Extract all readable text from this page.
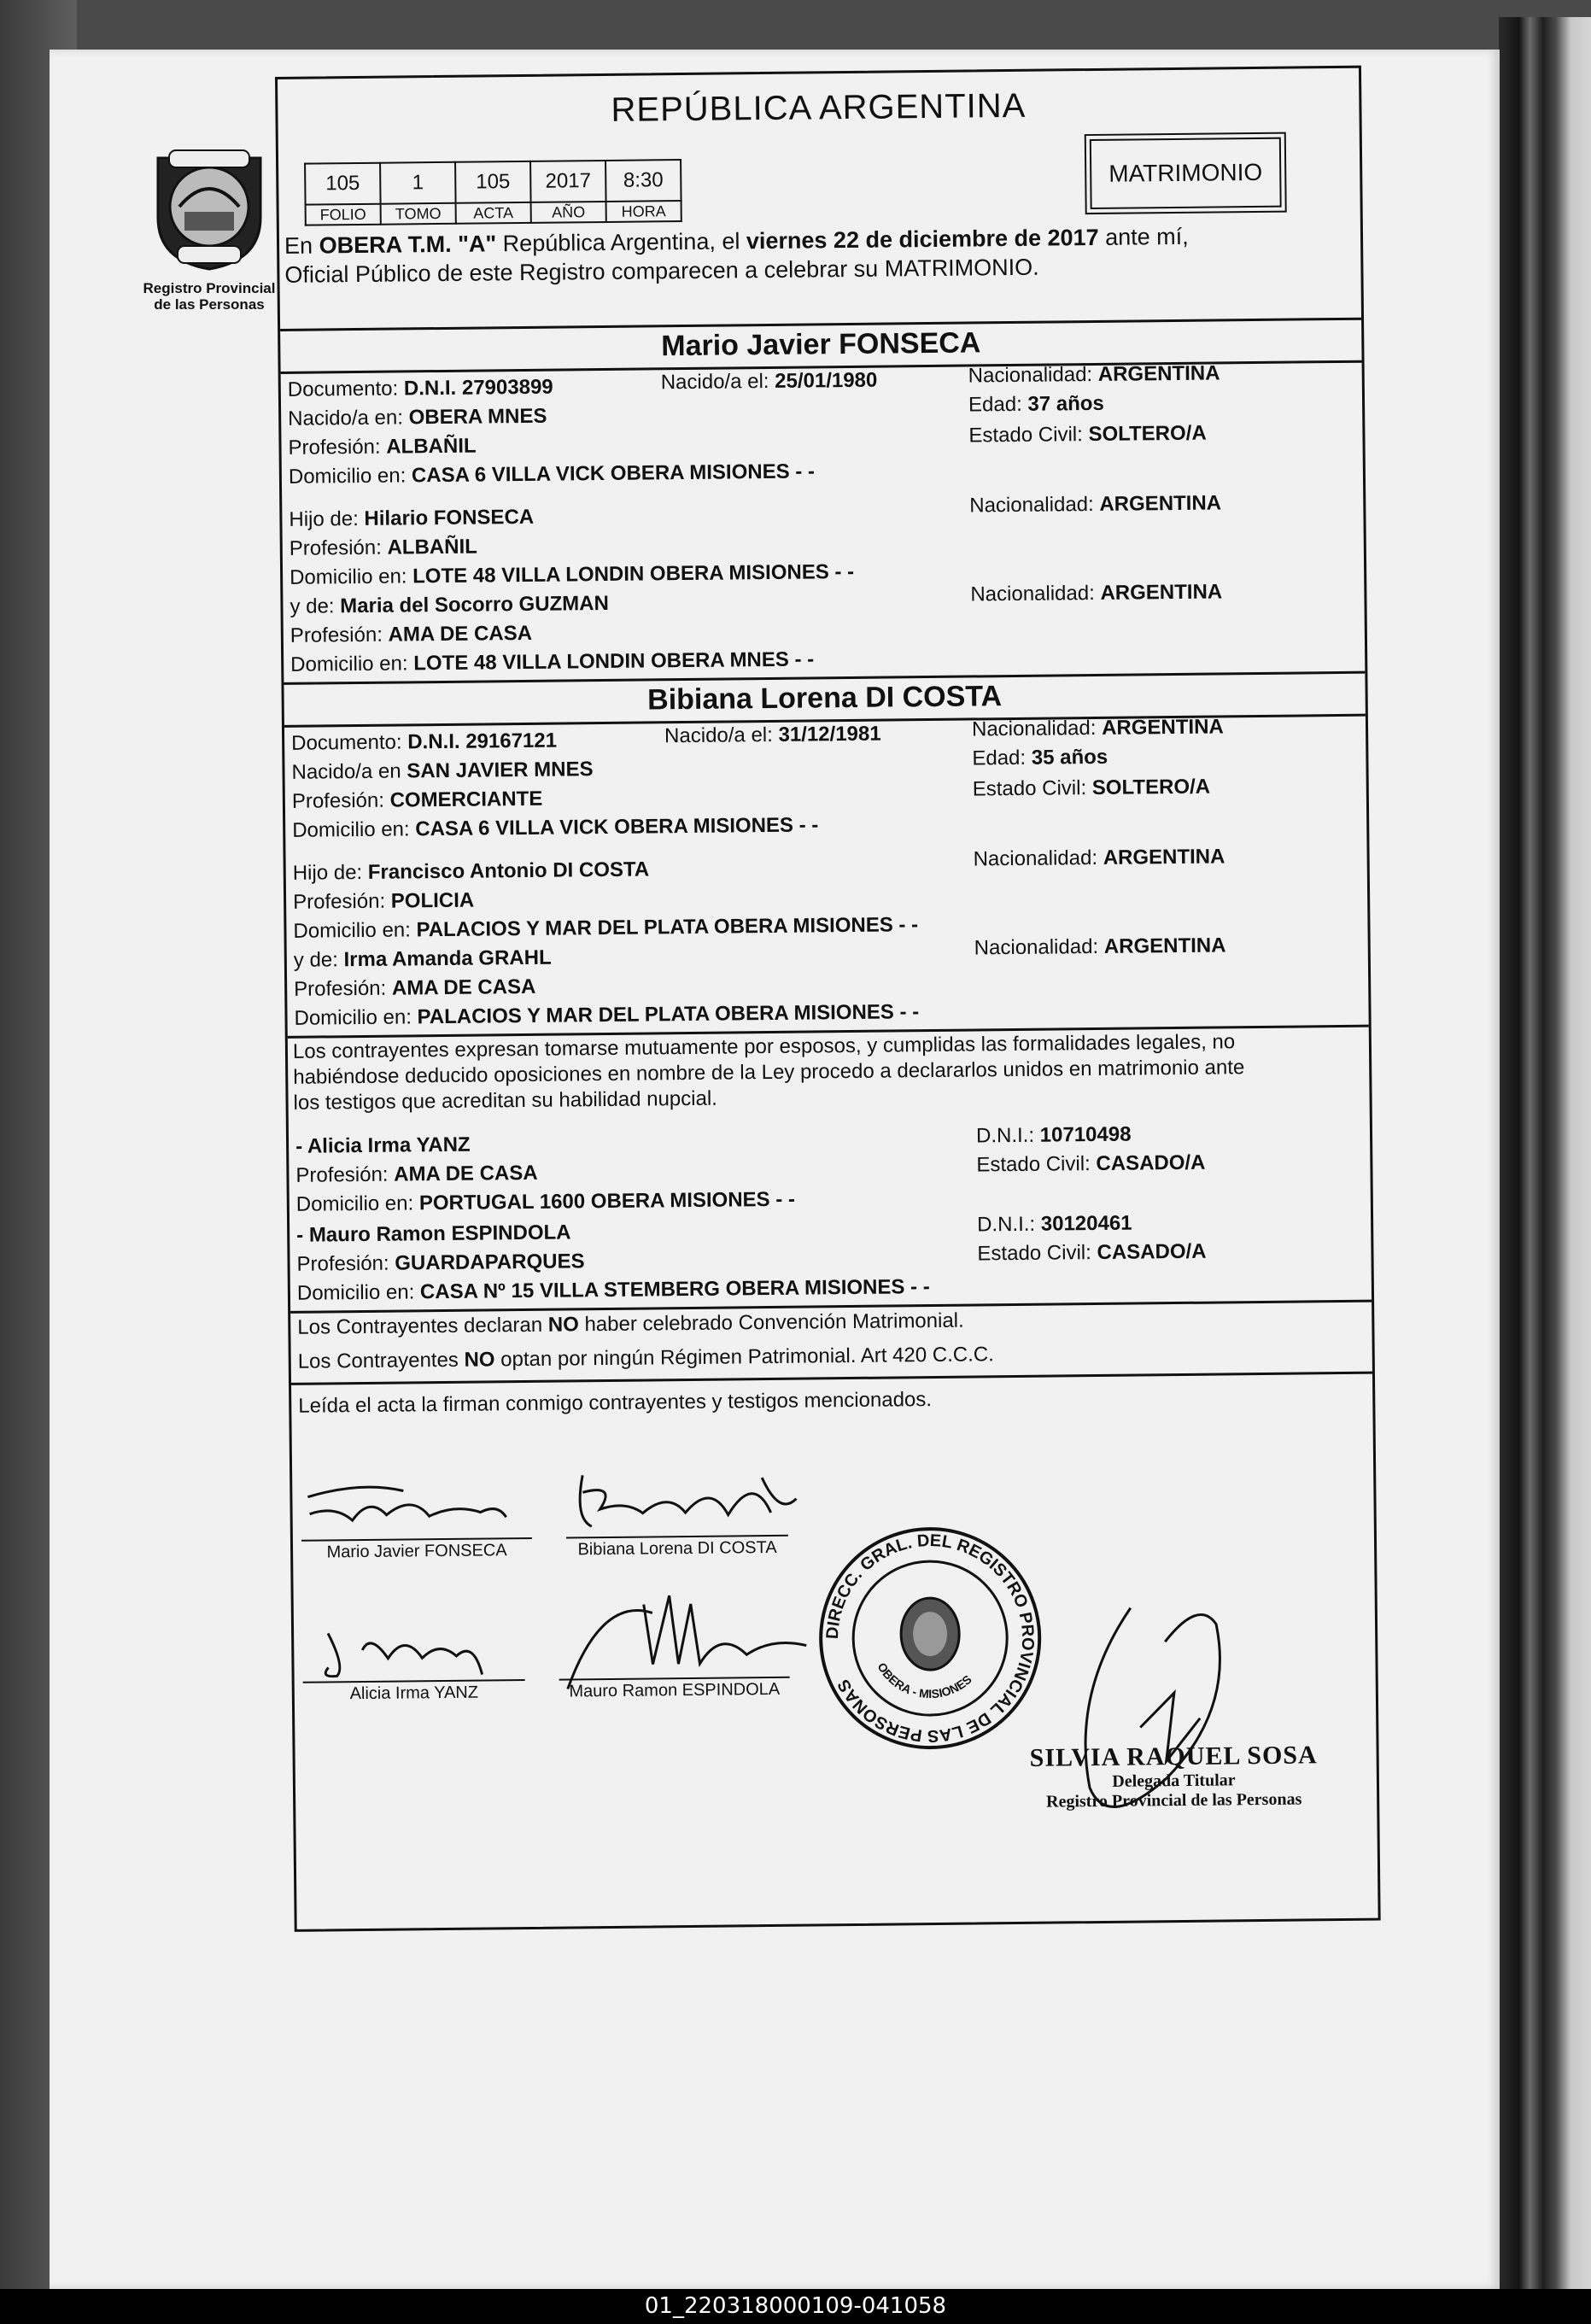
Registro Provincial
de las Personas
REPÚBLICA ARGENTINA
105	1	105	2017	8:30
FOLIO	TOMO	ACTA	AÑO	HORA
MATRIMONIO
En OBERA T.M. "A" República Argentina, el viernes 22 de diciembre de 2017 ante mí,
Oficial Público de este Registro comparecen a celebrar su MATRIMONIO.
Mario Javier FONSECA
Documento: D.N.I. 27903899	Nacido/a el: 25/01/1980	Nacionalidad: ARGENTINA
Nacido/a en: OBERA MNES	Edad: 37 años
Profesión: ALBAÑIL	Estado Civil: SOLTERO/A
Domicilio en: CASA 6 VILLA VICK OBERA MISIONES - -
Hijo de: Hilario FONSECA
Nacionalidad: ARGENTINA
Profesión: ALBAÑIL
Domicilio en: LOTE 48 VILLA LONDIN OBERA MISIONES - -
y de: Maria del Socorro GUZMAN	Nacionalidad: ARGENTINA
Profesión: AMA DE CASA
Domicilio en: LOTE 48 VILLA LONDIN OBERA MNES - -
Bibiana Lorena DI COSTA
Documento: D.N.I. 29167121	Nacido/a el: 31/12/1981	Nacionalidad: ARGENTINA
Nacido/a en SAN JAVIER MNES	Edad: 35 años
Profesión: COMERCIANTE	Estado Civil: SOLTERO/A
Domicilio en: CASA 6 VILLA VICK OBERA MISIONES - -
Hijo de: Francisco Antonio DI COSTA	Nacionalidad: ARGENTINA
Profesión: POLICIA
Domicilio en: PALACIOS Y MAR DEL PLATA OBERA MISIONES - -
y de: Irma Amanda GRAHL	Nacionalidad: ARGENTINA
Profesión: AMA DE CASA
Domicilio en: PALACIOS Y MAR DEL PLATA OBERA MISIONES - -
Los contrayentes expresan tomarse mutuamente por esposos, y cumplidas las formalidades legales, no
habiéndose deducido oposiciones en nombre de la Ley procedo a declararlos unidos en matrimonio ante
los testigos que acreditan su habilidad nupcial.
- Alicia Irma YANZ	D.N.I.: 10710498
Profesión: AMA DE CASA	Estado Civil: CASADO/A
Domicilio en: PORTUGAL 1600 OBERA MISIONES - -
- Mauro Ramon ESPINDOLA	D.N.I.: 30120461
Profesión: GUARDAPARQUES	Estado Civil: CASADO/A
Domicilio en: CASA Nº 15 VILLA STEMBERG OBERA MISIONES - -
Los Contrayentes declaran NO haber celebrado Convención Matrimonial.
Los Contrayentes NO optan por ningún Régimen Patrimonial. Art 420 C.C.C.
Leída el acta la firman conmigo contrayentes y testigos mencionados.
Mario Javier FONSECA	Bibiana Lorena DI COSTA
Alicia Irma YANZ	Mauro Ramon ESPINDOLA
DIRECC. GRAL. DEL REGISTRO PROVINCIAL DE LAS PERSONAS
OBERA - MISIONES
SILVIA RAQUEL SOSA
Delegada Titular
Registro Provincial de las Personas
01_220318000109-041058
